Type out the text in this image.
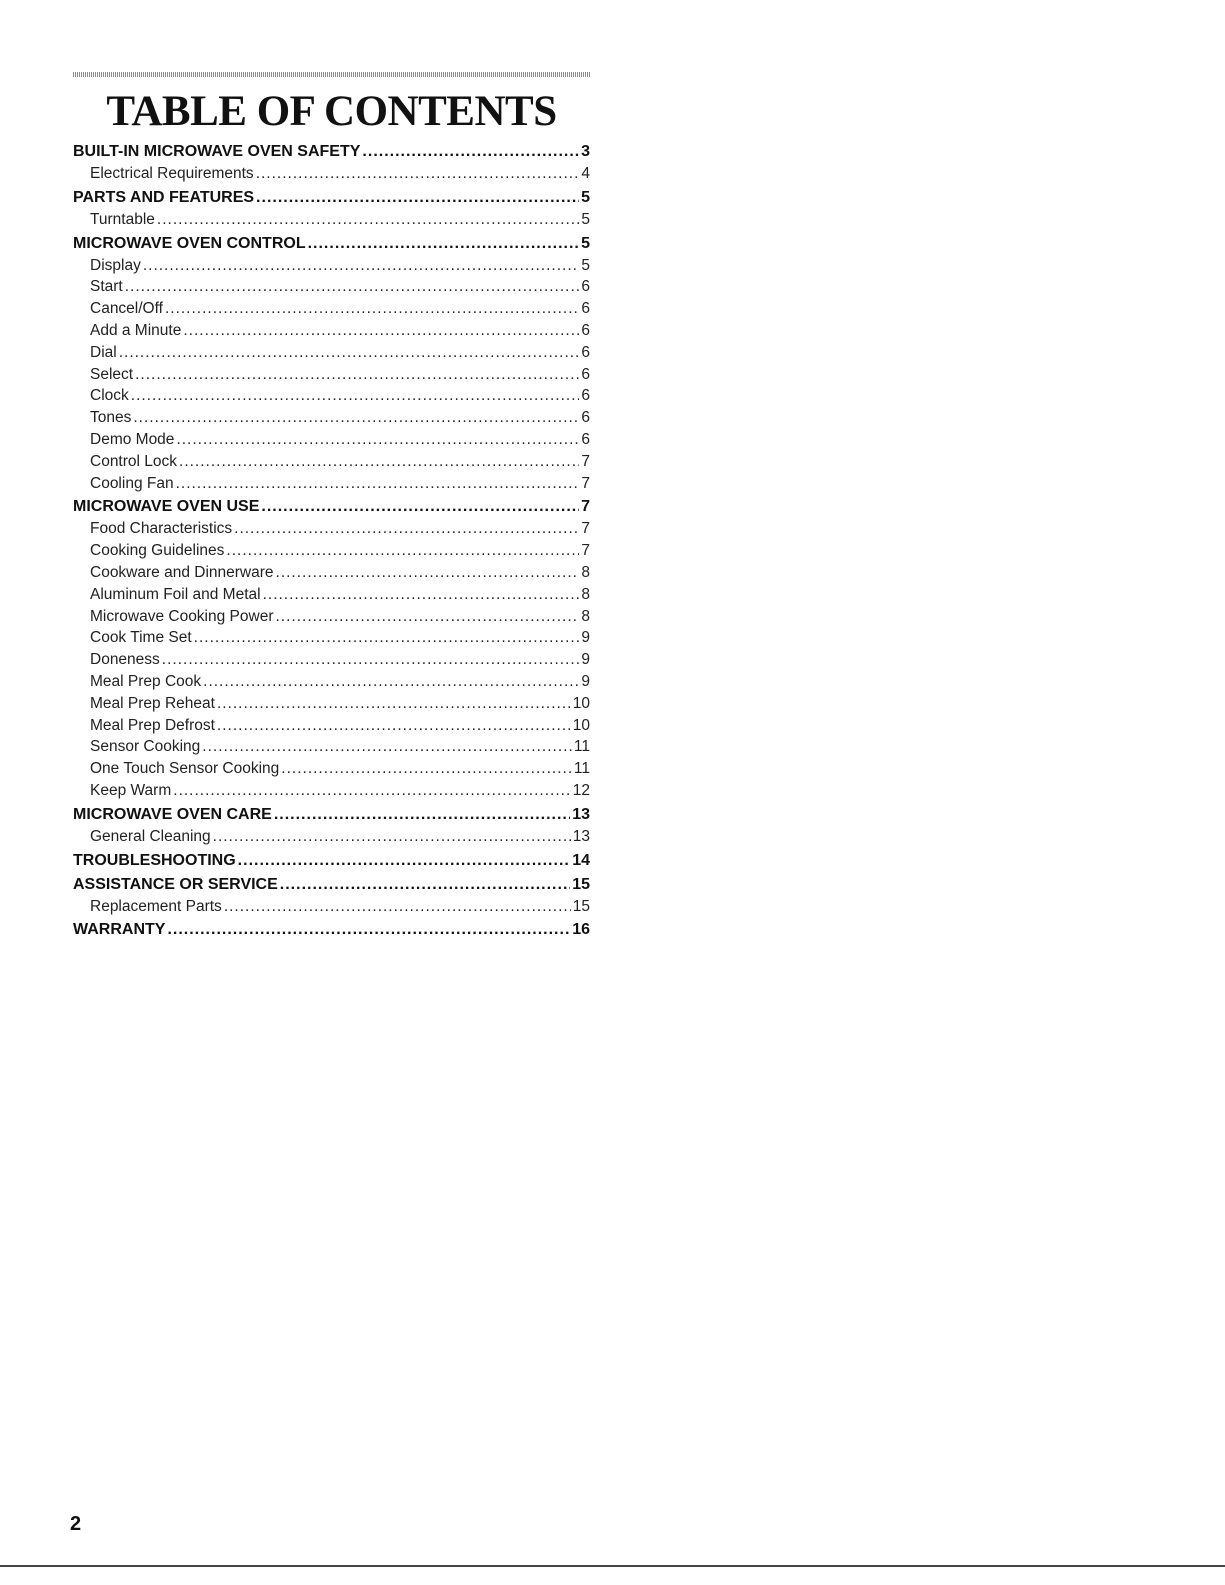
TABLE OF CONTENTS
BUILT-IN MICROWAVE OVEN SAFETY .....	3
Electrical Requirements .....	4
PARTS AND FEATURES .....	5
Turntable .....	5
MICROWAVE OVEN CONTROL .....	5
Display .....	5
Start .....	6
Cancel/Off .....	6
Add a Minute .....	6
Dial .....	6
Select .....	6
Clock .....	6
Tones .....	6
Demo Mode .....	6
Control Lock .....	7
Cooling Fan .....	7
MICROWAVE OVEN USE .....	7
Food Characteristics .....	7
Cooking Guidelines .....	7
Cookware and Dinnerware .....	8
Aluminum Foil and Metal .....	8
Microwave Cooking Power .....	8
Cook Time Set .....	9
Doneness .....	9
Meal Prep Cook .....	9
Meal Prep Reheat .....	10
Meal Prep Defrost .....	10
Sensor Cooking .....	11
One Touch Sensor Cooking .....	11
Keep Warm .....	12
MICROWAVE OVEN CARE .....	13
General Cleaning .....	13
TROUBLESHOOTING .....	14
ASSISTANCE OR SERVICE .....	15
Replacement Parts .....	15
WARRANTY .....	16
2
